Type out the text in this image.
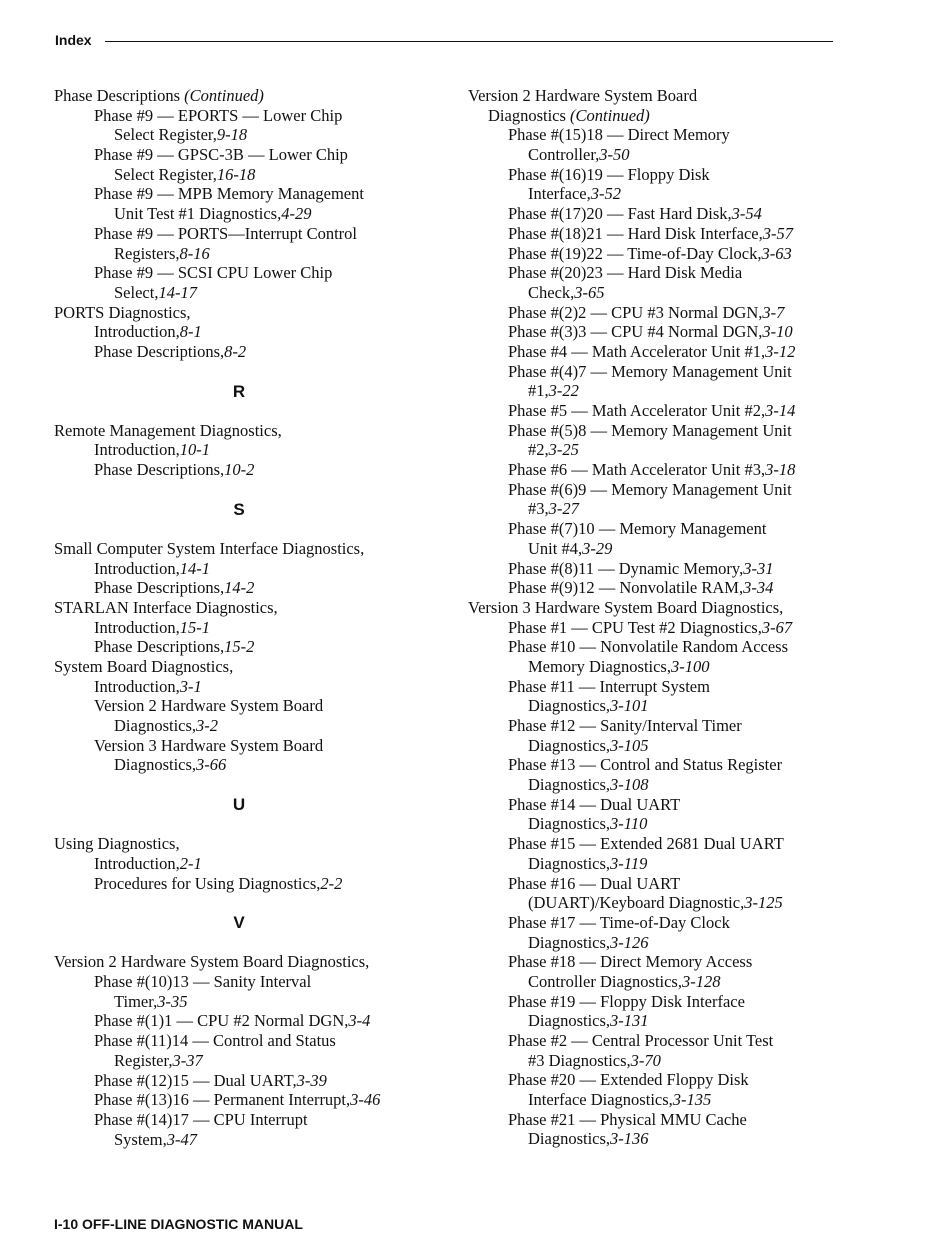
Index
Phase Descriptions (Continued)
Phase #9 — EPORTS — Lower Chip
Select Register,9-18
Phase #9 — GPSC-3B — Lower Chip
Select Register,16-18
Phase #9 — MPB Memory Management
Unit Test #1 Diagnostics,4-29
Phase #9 — PORTS—Interrupt Control
Registers,8-16
Phase #9 — SCSI CPU Lower Chip
Select,14-17
PORTS Diagnostics,
Introduction,8-1
Phase Descriptions,8-2
R
Remote Management Diagnostics,
Introduction,10-1
Phase Descriptions,10-2
S
Small Computer System Interface Diagnostics,
Introduction,14-1
Phase Descriptions,14-2
STARLAN Interface Diagnostics,
Introduction,15-1
Phase Descriptions,15-2
System Board Diagnostics,
Introduction,3-1
Version 2 Hardware System Board
Diagnostics,3-2
Version 3 Hardware System Board
Diagnostics,3-66
U
Using Diagnostics,
Introduction,2-1
Procedures for Using Diagnostics,2-2
V
Version 2 Hardware System Board Diagnostics,
Phase #(10)13 — Sanity Interval
Timer,3-35
Phase #(1)1 — CPU #2 Normal DGN,3-4
Phase #(11)14 — Control and Status
Register,3-37
Phase #(12)15 — Dual UART,3-39
Phase #(13)16 — Permanent Interrupt,3-46
Phase #(14)17 — CPU Interrupt
System,3-47
Version 2 Hardware System Board
Diagnostics (Continued)
Phase #(15)18 — Direct Memory
Controller,3-50
Phase #(16)19 — Floppy Disk
Interface,3-52
Phase #(17)20 — Fast Hard Disk,3-54
Phase #(18)21 — Hard Disk Interface,3-57
Phase #(19)22 — Time-of-Day Clock,3-63
Phase #(20)23 — Hard Disk Media
Check,3-65
Phase #(2)2 — CPU #3 Normal DGN,3-7
Phase #(3)3 — CPU #4 Normal DGN,3-10
Phase #4 — Math Accelerator Unit #1,3-12
Phase #(4)7 — Memory Management Unit
#1,3-22
Phase #5 — Math Accelerator Unit #2,3-14
Phase #(5)8 — Memory Management Unit
#2,3-25
Phase #6 — Math Accelerator Unit #3,3-18
Phase #(6)9 — Memory Management Unit
#3,3-27
Phase #(7)10 — Memory Management
Unit #4,3-29
Phase #(8)11 — Dynamic Memory,3-31
Phase #(9)12 — Nonvolatile RAM,3-34
Version 3 Hardware System Board Diagnostics,
Phase #1 — CPU Test #2 Diagnostics,3-67
Phase #10 — Nonvolatile Random Access
Memory Diagnostics,3-100
Phase #11 — Interrupt System
Diagnostics,3-101
Phase #12 — Sanity/Interval Timer
Diagnostics,3-105
Phase #13 — Control and Status Register
Diagnostics,3-108
Phase #14 — Dual UART
Diagnostics,3-110
Phase #15 — Extended 2681 Dual UART
Diagnostics,3-119
Phase #16 — Dual UART
(DUART)/Keyboard Diagnostic,3-125
Phase #17 — Time-of-Day Clock
Diagnostics,3-126
Phase #18 — Direct Memory Access
Controller Diagnostics,3-128
Phase #19 — Floppy Disk Interface
Diagnostics,3-131
Phase #2 — Central Processor Unit Test
#3 Diagnostics,3-70
Phase #20 — Extended Floppy Disk
Interface Diagnostics,3-135
Phase #21 — Physical MMU Cache
Diagnostics,3-136
I-10 OFF-LINE DIAGNOSTIC MANUAL
